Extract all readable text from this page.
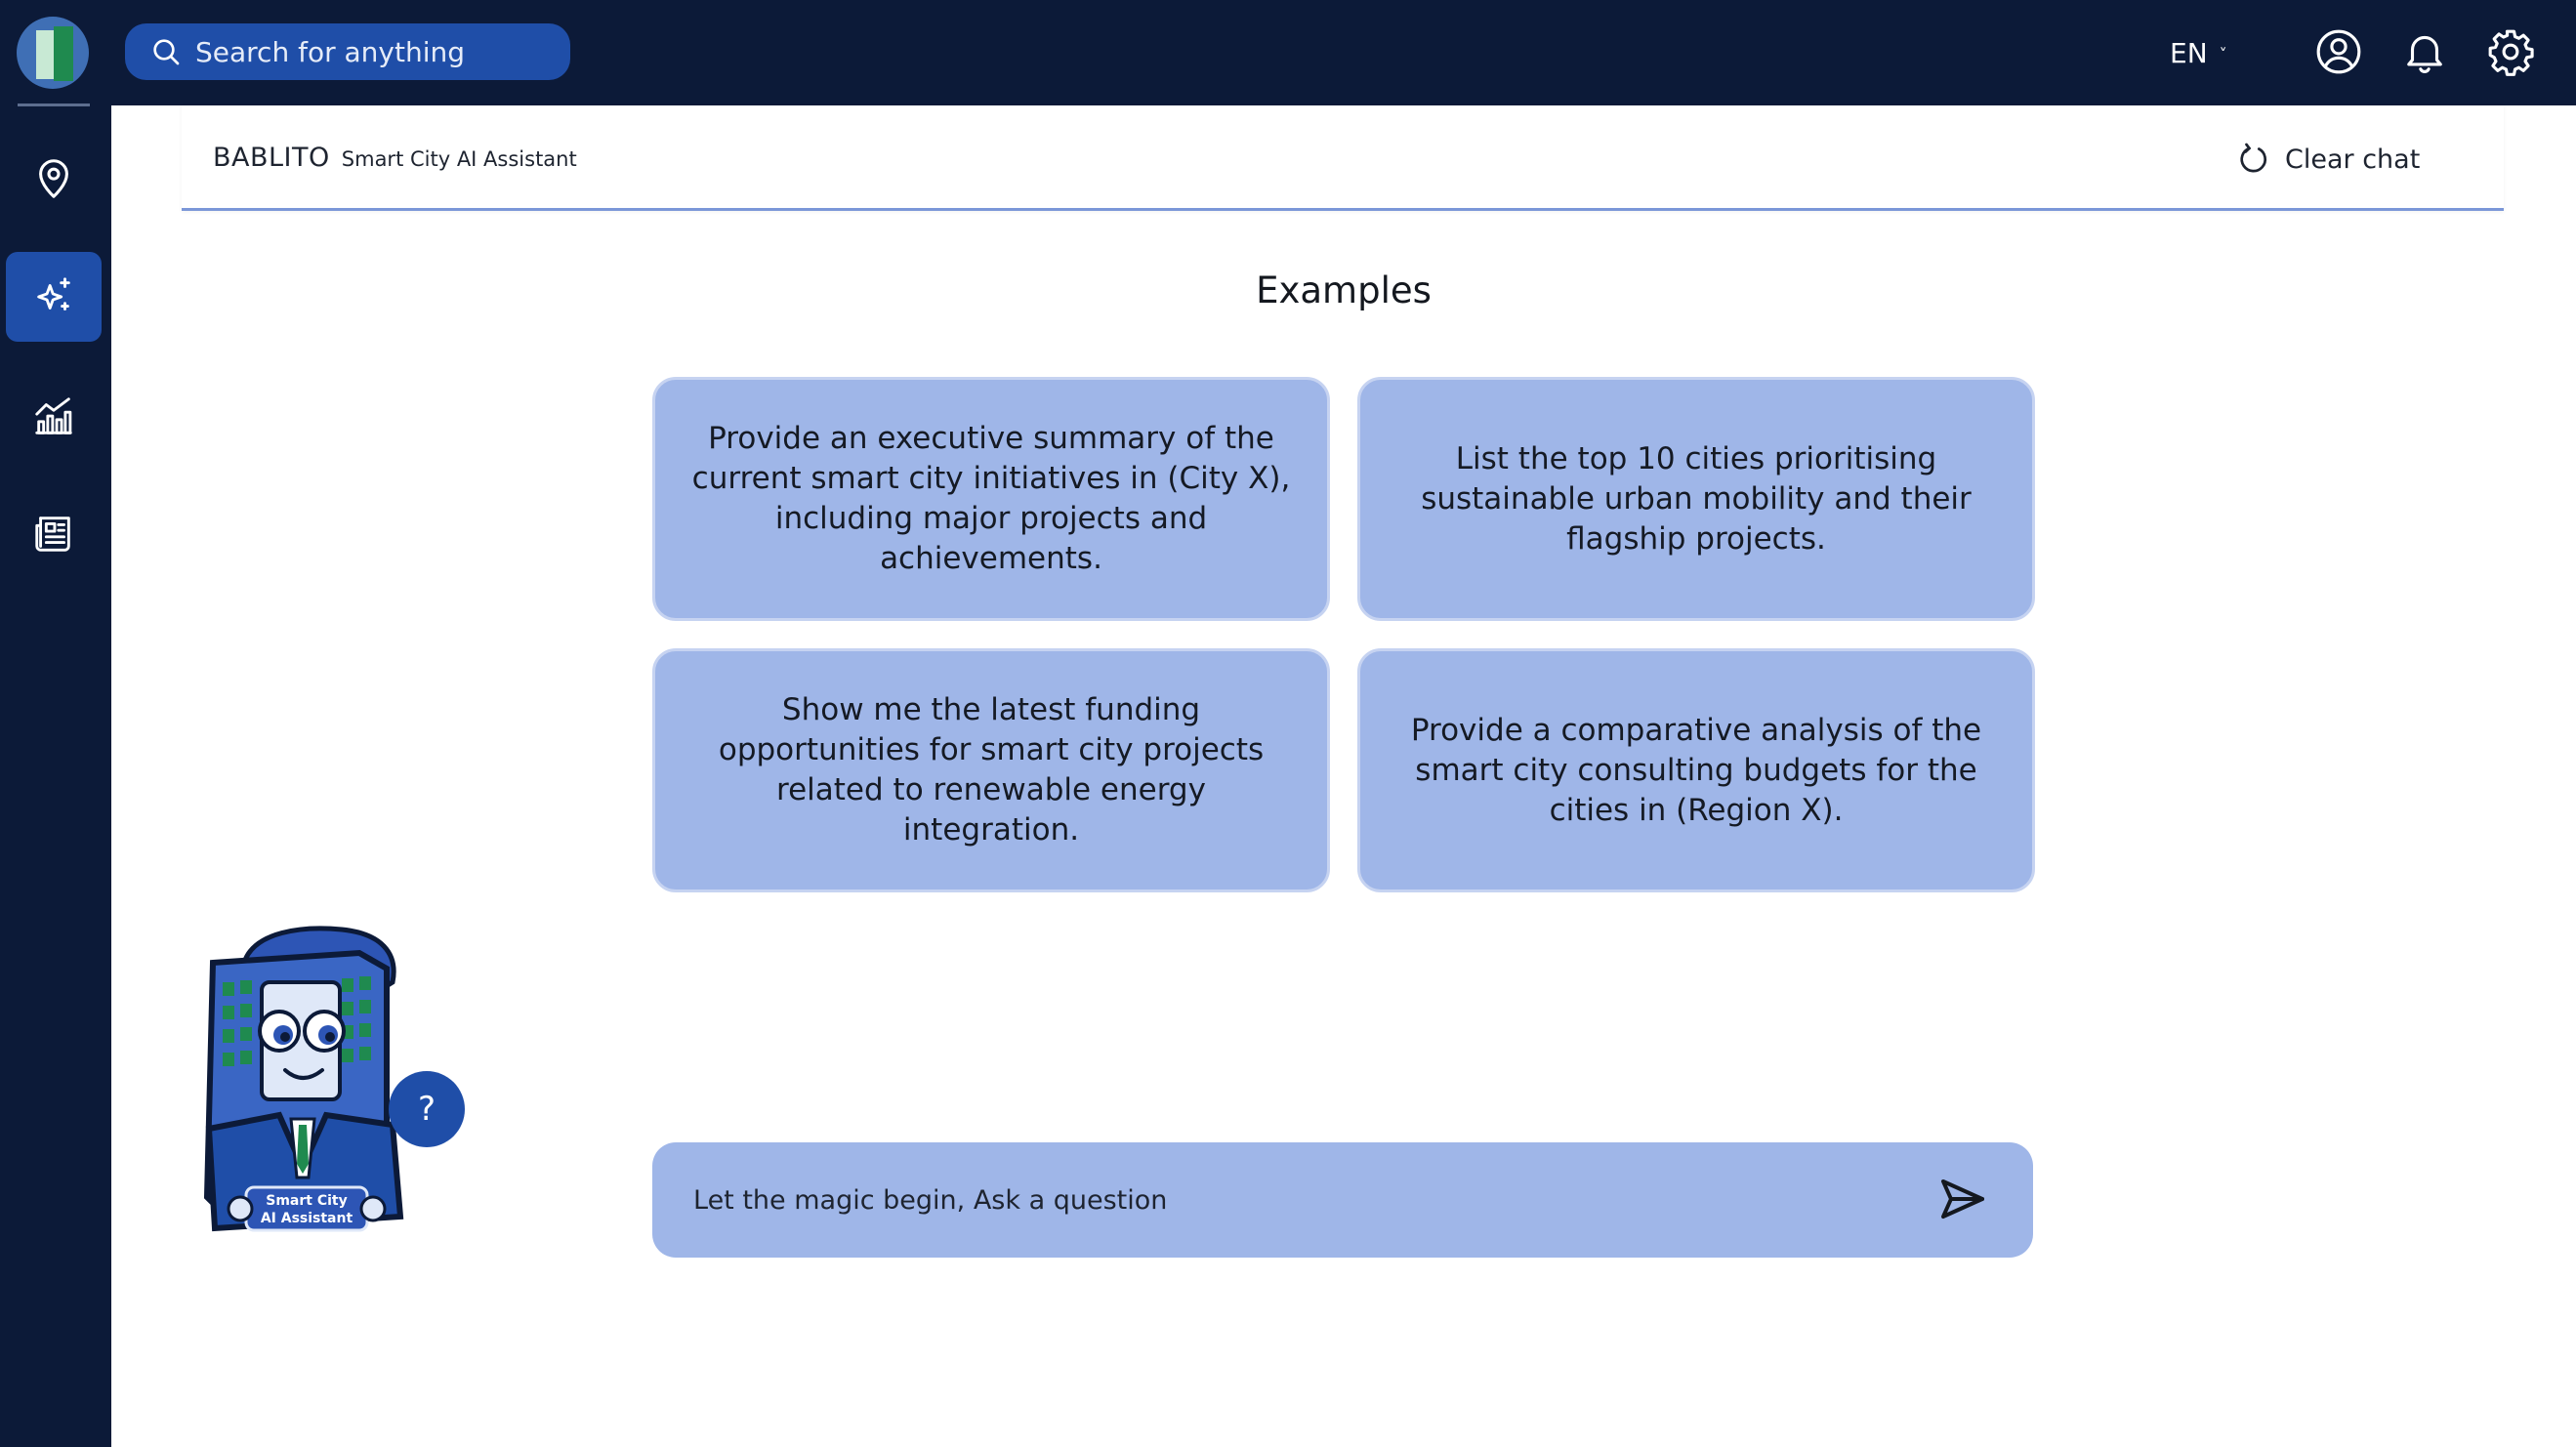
Search for anything
EN ˅
BABLITO Smart City AI Assistant	Clear chat
Examples
Provide an executive summary of the current smart city initiatives in (City X), including major projects and achievements.
List the top 10 cities prioritising sustainable urban mobility and their flagship projects.
Show me the latest funding opportunities for smart city projects related to renewable energy integration.
Provide a comparative analysis of the smart city consulting budgets for the cities in (Region X).
Smart City
AI Assistant
?
Let the magic begin, Ask a question
